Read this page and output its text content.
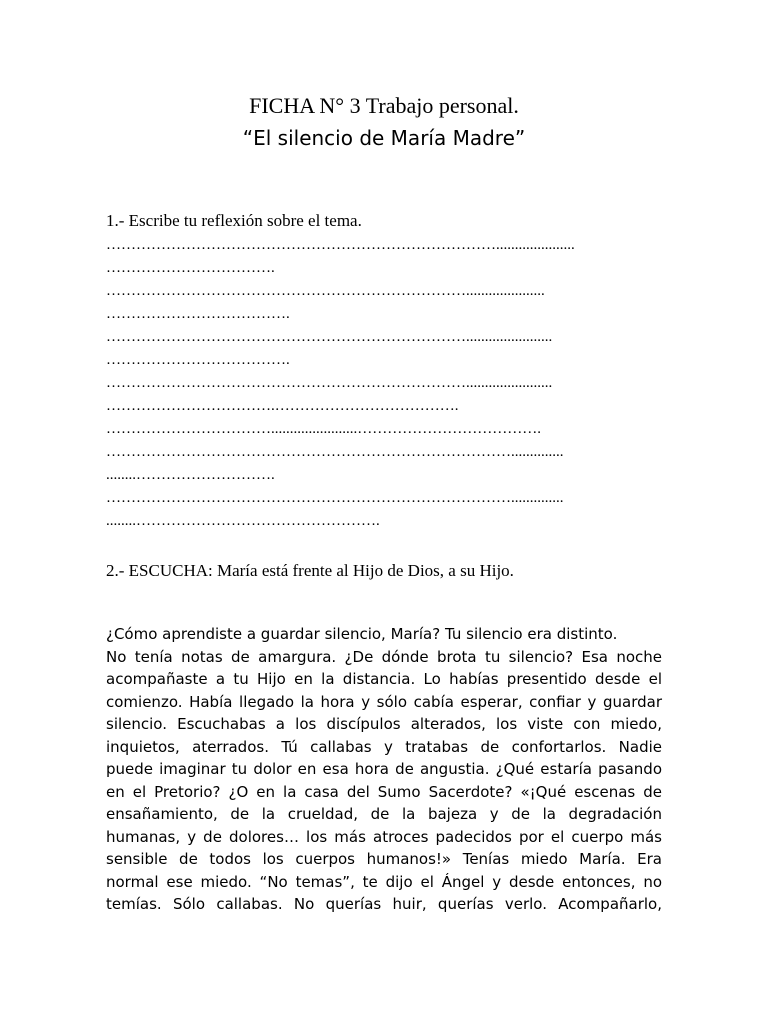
FICHA N° 3 Trabajo personal.
“El silencio de María Madre”
1.- Escribe tu reflexión sobre el tema.
…………………………………………………………………….....................
…………………………….
……………………………………………………………….....................
……………………………….
……………………………………………………………….......................
……………………………….
……………………………………………………………….......................
…………………………….……………………………….
…………………………….......................……………………………….
………………………………………………………………………..............
........……………………….
………………………………………………………………………..............
........………………………………………….
2.- ESCUCHA: María está frente al Hijo de Dios, a su Hijo.
¿Cómo aprendiste a guardar silencio, María? Tu silencio era distinto.
No tenía notas de amargura. ¿De dónde brota tu silencio? Esa noche
acompañaste a tu Hijo en la distancia. Lo habías presentido desde el
comienzo. Había llegado la hora y sólo cabía esperar, confiar y guardar
silencio. Escuchabas a los discípulos alterados, los viste con miedo,
inquietos, aterrados. Tú callabas y tratabas de confortarlos. Nadie
puede imaginar tu dolor en esa hora de angustia. ¿Qué estaría pasando
en el Pretorio? ¿O en la casa del Sumo Sacerdote? «¡Qué escenas de
ensañamiento, de la crueldad, de la bajeza y de la degradación
humanas, y de dolores… los más atroces padecidos por el cuerpo más
sensible de todos los cuerpos humanos!» Tenías miedo María. Era
normal ese miedo. “No temas”, te dijo el Ángel y desde entonces, no
temías. Sólo callabas. No querías huir, querías verlo. Acompañarlo,
